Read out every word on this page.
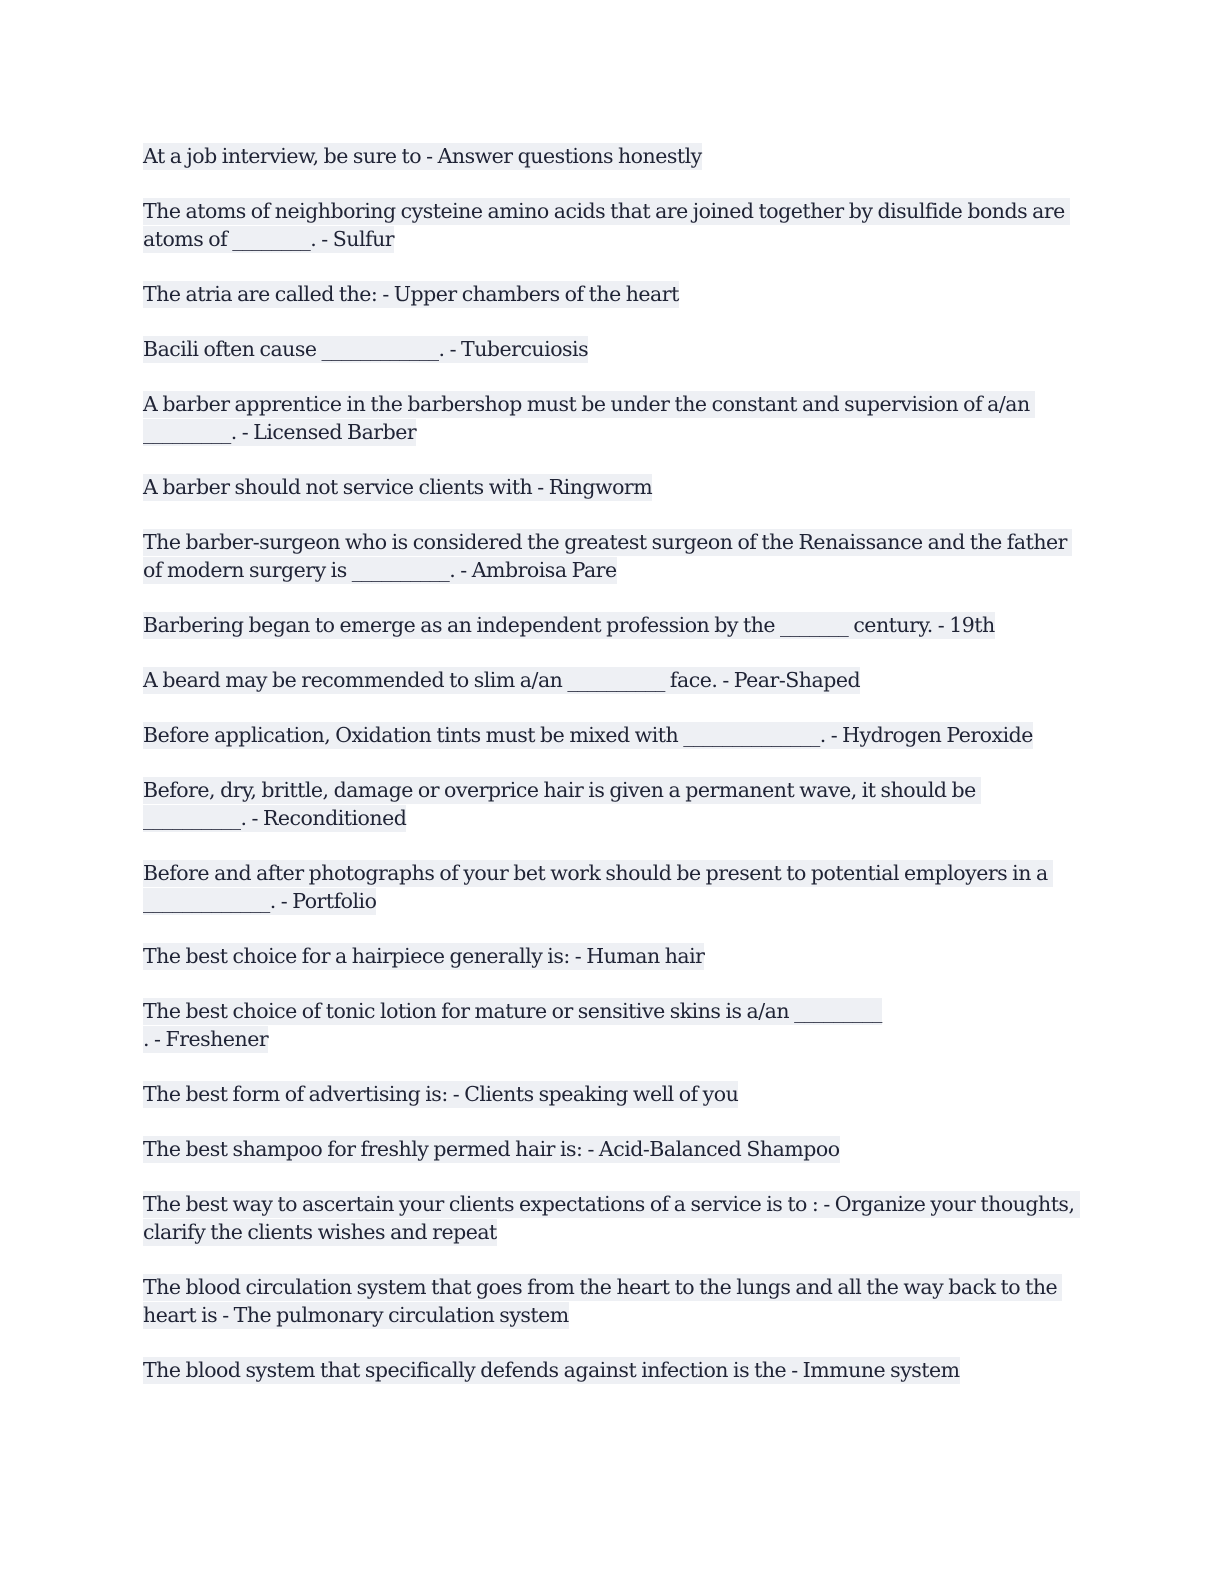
At a job interview, be sure to - Answer questions honestly
The atoms of neighboring cysteine amino acids that are joined together by disulfide bonds are atoms of ________. - Sulfur
The atria are called the: - Upper chambers of the heart
Bacili often cause ____________. - Tubercuiosis
A barber apprentice in the barbershop must be under the constant and supervision of a/an _________. - Licensed Barber
A barber should not service clients with - Ringworm
The barber-surgeon who is considered the greatest surgeon of the Renaissance and the father of modern surgery is __________. - Ambroisa Pare
Barbering began to emerge as an independent profession by the _______ century. - 19th
A beard may be recommended to slim a/an __________ face. - Pear-Shaped
Before application, Oxidation tints must be mixed with ______________. - Hydrogen Peroxide
Before, dry, brittle, damage or overprice hair is given a permanent wave, it should be __________. - Reconditioned
Before and after photographs of your bet work should be present to potential employers in a _____________. - Portfolio
The best choice for a hairpiece generally is: - Human hair
The best choice of tonic lotion for mature or sensitive skins is a/an _________
. - Freshener
The best form of advertising is: - Clients speaking well of you
The best shampoo for freshly permed hair is: - Acid-Balanced Shampoo
The best way to ascertain your clients expectations of a service is to : - Organize your thoughts, clarify the clients wishes and repeat
The blood circulation system that goes from the heart to the lungs and all the way back to the heart is - The pulmonary circulation system
The blood system that specifically defends against infection is the - Immune system
